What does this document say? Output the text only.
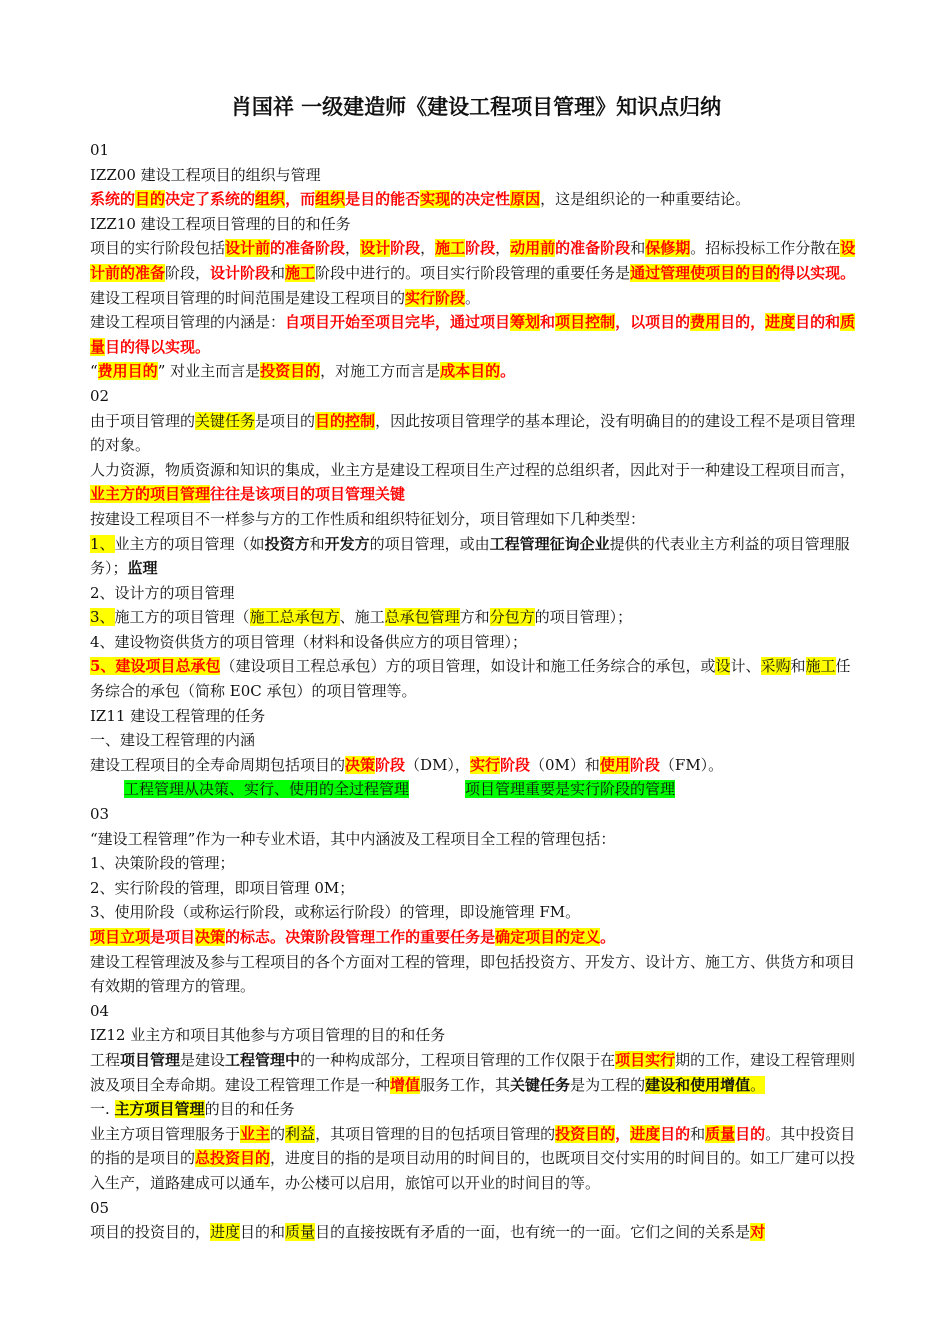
肖国祥 一级建造师《建设工程项目管理》知识点归纳

01

IZZ00 建设工程项目的组织与管理

系统的目的决定了系统的组织，而组织是目的能否实现的决定性原因，这是组织论的一种重要结论。

IZZ10 建设工程项目管理的目的和任务

项目的实行阶段包括设计前的准备阶段，设计阶段，施工阶段，动用前的准备阶段和保修期。招标投标工作分散在设计前的准备阶段，设计阶段和施工阶段中进行的。项目实行阶段管理的重要任务是通过管理使项目的目的得以实现。

建设工程项目管理的时间范围是建设工程项目的实行阶段。

建设工程项目管理的内涵是：自项目开始至项目完毕，通过项目筹划和项目控制，以项目的费用目的，进度目的和质量目的得以实现。

“费用目的” 对业主而言是投资目的，对施工方而言是成本目的。

02

由于项目管理的关键任务是项目的目的控制，因此按项目管理学的基本理论，没有明确目的的建设工程不是项目管理的对象。

人力资源，物质资源和知识的集成，业主方是建设工程项目生产过程的总组织者，因此对于一种建设工程项目而言，业主方的项目管理往往是该项目的项目管理关键

按建设工程项目不一样参与方的工作性质和组织特征划分，项目管理如下几种类型：

1、业主方的项目管理（如投资方和开发方的项目管理，或由工程管理征询企业提供的代表业主方利益的项目管理服务）；监理

2、设计方的项目管理

3、施工方的项目管理（施工总承包方、施工总承包管理方和分包方的项目管理）；

4、建设物资供货方的项目管理（材料和设备供应方的项目管理）；

5、建设项目总承包（建设项目工程总承包）方的项目管理，如设计和施工任务综合的承包，或设计、采购和施工任务综合的承包（简称 E0C 承包）的项目管理等。

IZ11 建设工程管理的任务

一、建设工程管理的内涵

建设工程项目的全寿命周期包括项目的决策阶段（DM），实行阶段（0M）和使用阶段（FM）。

工程管理从决策、实行、使用的全过程管理	项目管理重要是实行阶段的管理

03

“建设工程管理”作为一种专业术语，其中内涵波及工程项目全工程的管理包括：

1、决策阶段的管理；

2、实行阶段的管理，即项目管理 0M；

3、使用阶段（或称运行阶段，或称运行阶段）的管理，即设施管理 FM。

项目立项是项目决策的标志。决策阶段管理工作的重要任务是确定项目的定义。

建设工程管理波及参与工程项目的各个方面对工程的管理，即包括投资方、开发方、设计方、施工方、供货方和项目有效期的管理方的管理。

04

IZ12 业主方和项目其他参与方项目管理的目的和任务

工程项目管理是建设工程管理中的一种构成部分，工程项目管理的工作仅限于在项目实行期的工作，建设工程管理则波及项目全寿命期。建设工程管理工作是一种增值服务工作，其关键任务是为工程的建设和使用增值。

一. 主方项目管理的目的和任务

业主方项目管理服务于业主的利益，其项目管理的目的包括项目管理的投资目的，进度目的和质量目的。其中投资目的指的是项目的总投资目的，进度目的指的是项目动用的时间目的，也既项目交付实用的时间目的。如工厂建可以投入生产，道路建成可以通车，办公楼可以启用，旅馆可以开业的时间目的等。

05

项目的投资目的，进度目的和质量目的直接按既有矛盾的一面，也有统一的一面。它们之间的关系是对
